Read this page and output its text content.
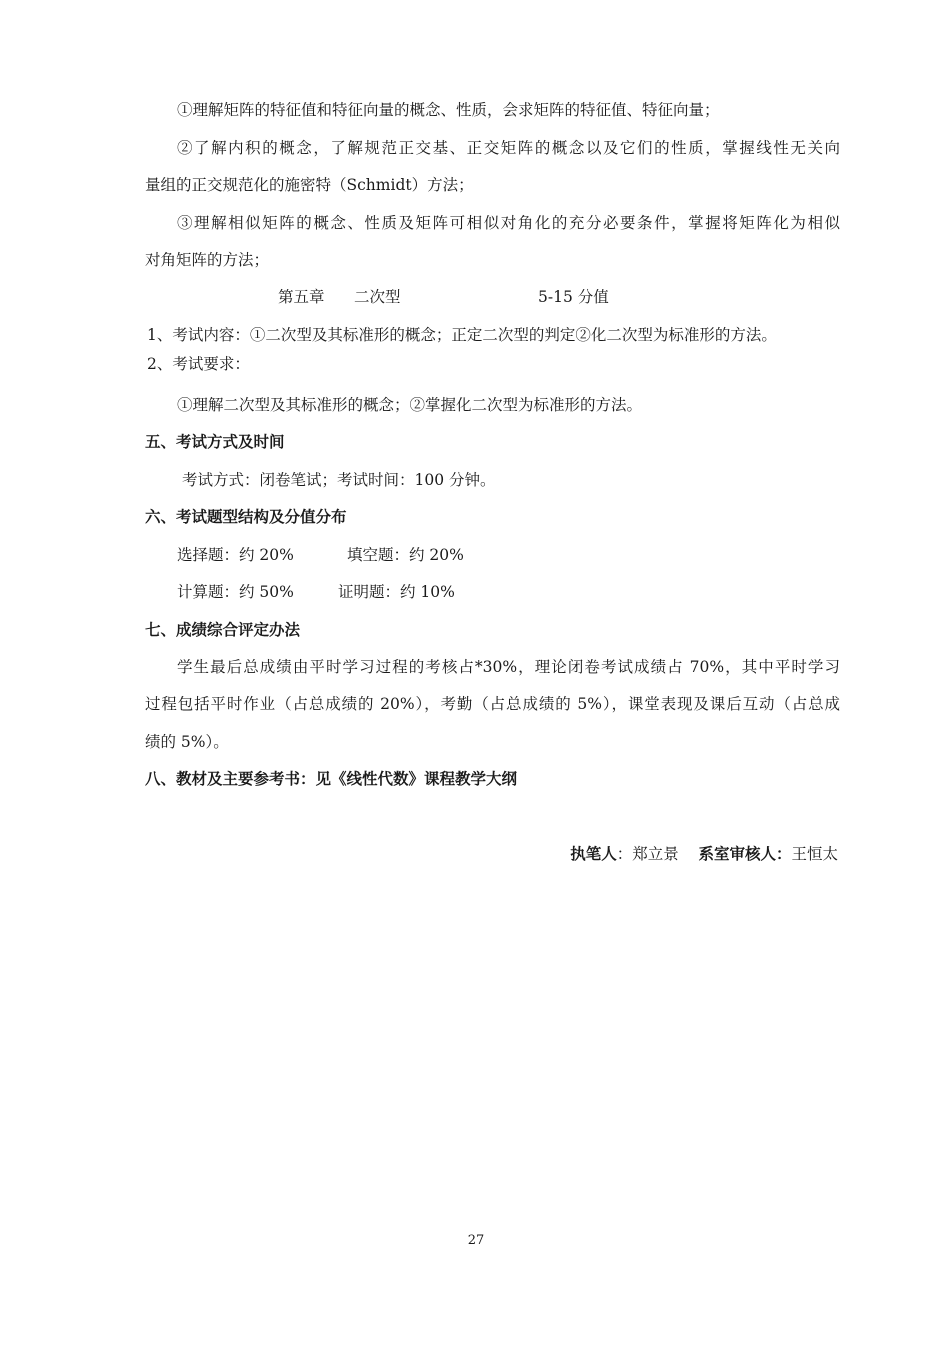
①理解矩阵的特征值和特征向量的概念、性质，会求矩阵的特征值、特征向量；
②了解内积的概念，了解规范正交基、正交矩阵的概念以及它们的性质，掌握线性无关向
量组的正交规范化的施密特（Schmidt）方法；
③理解相似矩阵的概念、性质及矩阵可相似对角化的充分必要条件，掌握将矩阵化为相似
对角矩阵的方法；
第五章 二次型	5-15 分值
1、考试内容：①二次型及其标准形的概念；正定二次型的判定②化二次型为标准形的方法。
2、考试要求：
①理解二次型及其标准形的概念；②掌握化二次型为标准形的方法。
五、考试方式及时间
考试方式：闭卷笔试；考试时间：100 分钟。
六、考试题型结构及分值分布
选择题：约 20%	填空题：约 20%
计算题：约 50%	证明题：约 10%
七、成绩综合评定办法
学生最后总成绩由平时学习过程的考核占*30%，理论闭卷考试成绩占 70%，其中平时学习
过程包括平时作业（占总成绩的 20%），考勤（占总成绩的 5%），课堂表现及课后互动（占总成
绩的 5%）。
八、教材及主要参考书：见《线性代数》课程教学大纲
执笔人：郑立景 系室审核人：王恒太
27
